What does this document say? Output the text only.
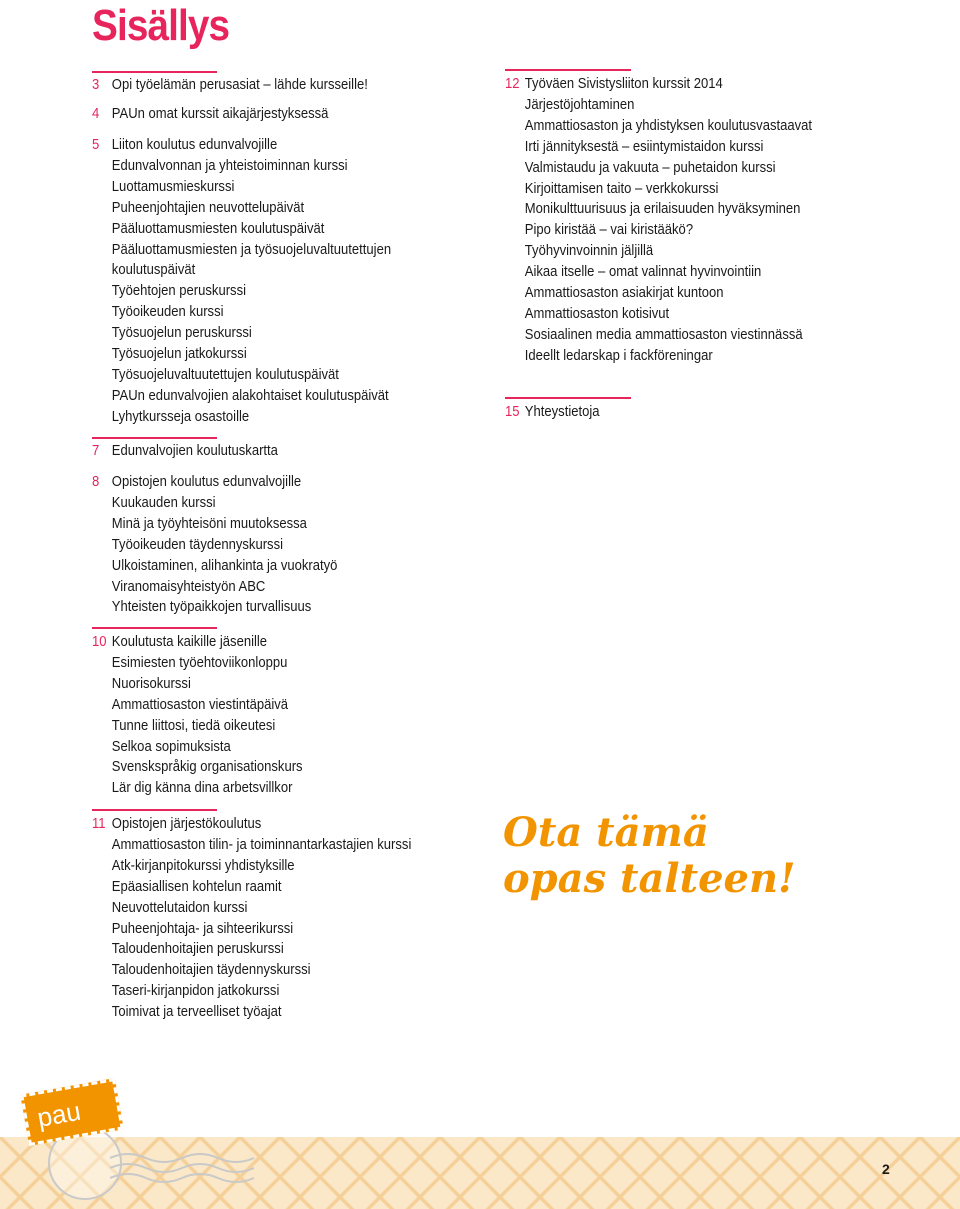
Sisällys
3 Opi työelämän perusasiat – lähde kursseille!
4 PAUn omat kurssit aikajärjestyksessä
5 Liiton koulutus edunvalvojille
Edunvalvonnan ja yhteistoiminnan kurssi
Luottamusmieskurssi
Puheenjohtajien neuvottelupäivät
Pääluottamusmiesten koulutuspäivät
Pääluottamusmiesten ja työsuojeluvaltuutettujen
koulutuspäivät
Työehtojen peruskurssi
Työoikeuden kurssi
Työsuojelun peruskurssi
Työsuojelun jatkokurssi
Työsuojeluvaltuutettujen koulutuspäivät
PAUn edunvalvojien alakohtaiset koulutuspäivät
Lyhytkursseja osastoille
7 Edunvalvojien koulutuskartta
8 Opistojen koulutus edunvalvojille
Kuukauden kurssi
Minä ja työyhteisöni muutoksessa
Työoikeuden täydennyskurssi
Ulkoistaminen, alihankinta ja vuokratyö
Viranomaisyhteistyön ABC
Yhteisten työpaikkojen turvallisuus
10 Koulutusta kaikille jäsenille
Esimiesten työehtoviikonloppu
Nuorisokurssi
Ammattiosaston viestintäpäivä
Tunne liittosi, tiedä oikeutesi
Selkoa sopimuksista
Svenskspråkig organisationskurs
Lär dig känna dina arbetsvillkor
11 Opistojen järjestökoulutus
Ammattiosaston tilin- ja toiminnantarkastajien kurssi
Atk-kirjanpitokurssi yhdistyksille
Epäasiallisen kohtelun raamit
Neuvottelutaidon kurssi
Puheenjohtaja- ja sihteerikurssi
Taloudenhoitajien peruskurssi
Taloudenhoitajien täydennyskurssi
Taseri-kirjanpidon jatkokurssi
Toimivat ja terveelliset työajat
12 Työväen Sivistysliiton kurssit 2014
Järjestöjohtaminen
Ammattiosaston ja yhdistyksen koulutusvastaavat
Irti jännityksestä – esiintymistaidon kurssi
Valmistaudu ja vakuuta – puhetaidon kurssi
Kirjoittamisen taito – verkkokurssi
Monikulttuurisuus ja erilaisuuden hyväksyminen
Pipo kiristää – vai kiristääkö?
Työhyvinvoinnin jäljillä
Aikaa itselle – omat valinnat hyvinvointiin
Ammattiosaston asiakirjat kuntoon
Ammattiosaston kotisivut
Sosiaalinen media ammattiosaston viestinnässä
Ideellt ledarskap i fackföreningar
15 Yhteystietoja
Ota tämä
opas talteen!
pau
2
